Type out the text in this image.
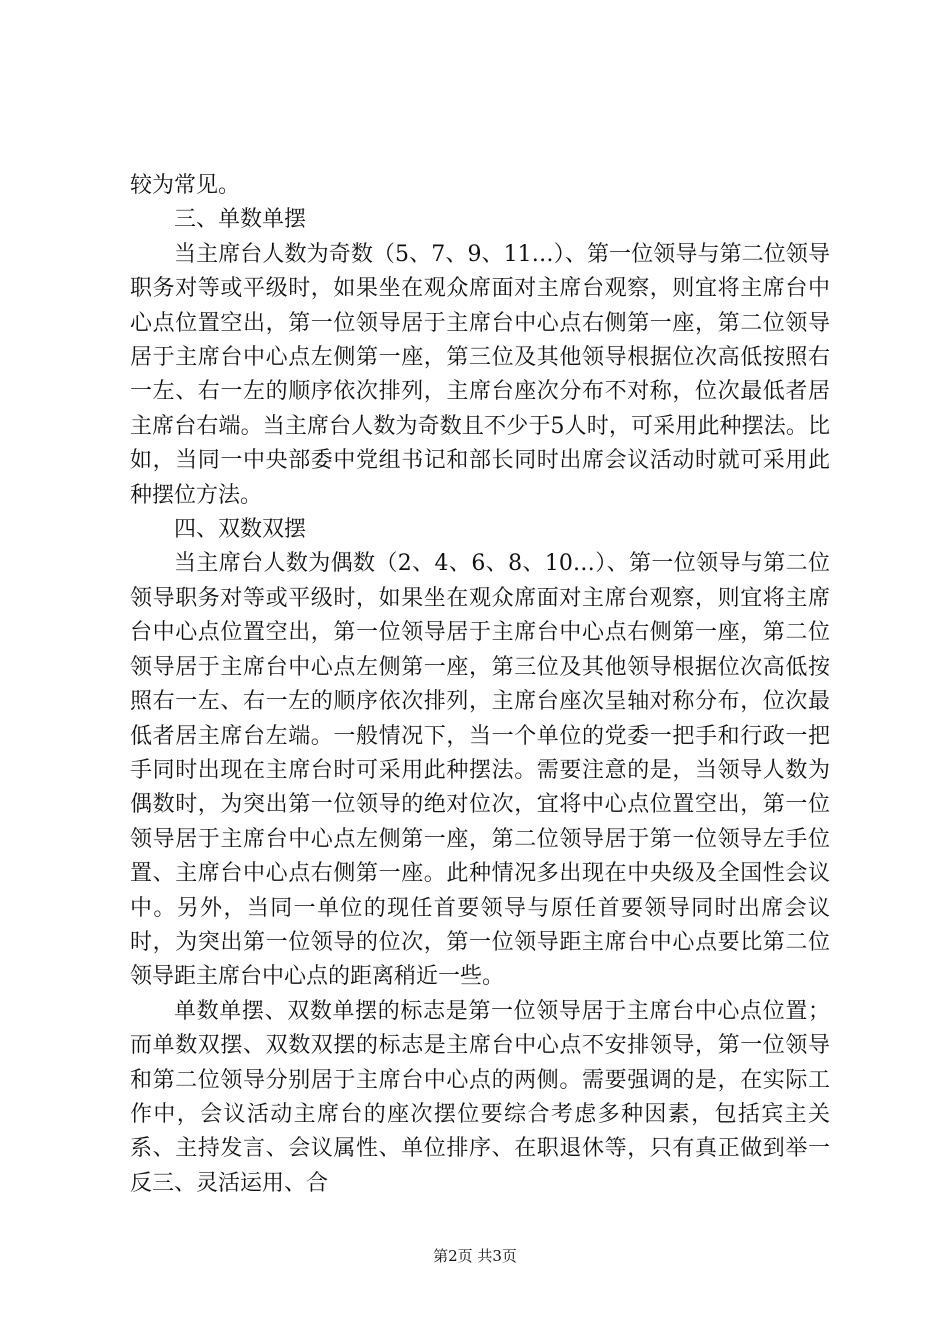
较为常见。

三、单数单摆

当主席台人数为奇数（5、7、9、11…）、第一位领导与第二位领导职务对等或平级时，如果坐在观众席面对主席台观察，则宜将主席台中心点位置空出，第一位领导居于主席台中心点右侧第一座，第二位领导居于主席台中心点左侧第一座，第三位及其他领导根据位次高低按照右一左、右一左的顺序依次排列，主席台座次分布不对称，位次最低者居主席台右端。当主席台人数为奇数且不少于5人时，可采用此种摆法。比如，当同一中央部委中党组书记和部长同时出席会议活动时就可采用此种摆位方法。

四、双数双摆

当主席台人数为偶数（2、4、6、8、10…）、第一位领导与第二位领导职务对等或平级时，如果坐在观众席面对主席台观察，则宜将主席台中心点位置空出，第一位领导居于主席台中心点右侧第一座，第二位领导居于主席台中心点左侧第一座，第三位及其他领导根据位次高低按照右一左、右一左的顺序依次排列，主席台座次呈轴对称分布，位次最低者居主席台左端。一般情况下，当一个单位的党委一把手和行政一把手同时出现在主席台时可采用此种摆法。需要注意的是，当领导人数为偶数时，为突出第一位领导的绝对位次，宜将中心点位置空出，第一位领导居于主席台中心点左侧第一座，第二位领导居于第一位领导左手位置、主席台中心点右侧第一座。此种情况多出现在中央级及全国性会议中。另外，当同一单位的现任首要领导与原任首要领导同时出席会议时，为突出第一位领导的位次，第一位领导距主席台中心点要比第二位领导距主席台中心点的距离稍近一些。

单数单摆、双数单摆的标志是第一位领导居于主席台中心点位置；而单数双摆、双数双摆的标志是主席台中心点不安排领导，第一位领导和第二位领导分别居于主席台中心点的两侧。需要强调的是，在实际工作中，会议活动主席台的座次摆位要综合考虑多种因素，包括宾主关系、主持发言、会议属性、单位排序、在职退休等，只有真正做到举一反三、灵活运用、合

第2页 共3页
